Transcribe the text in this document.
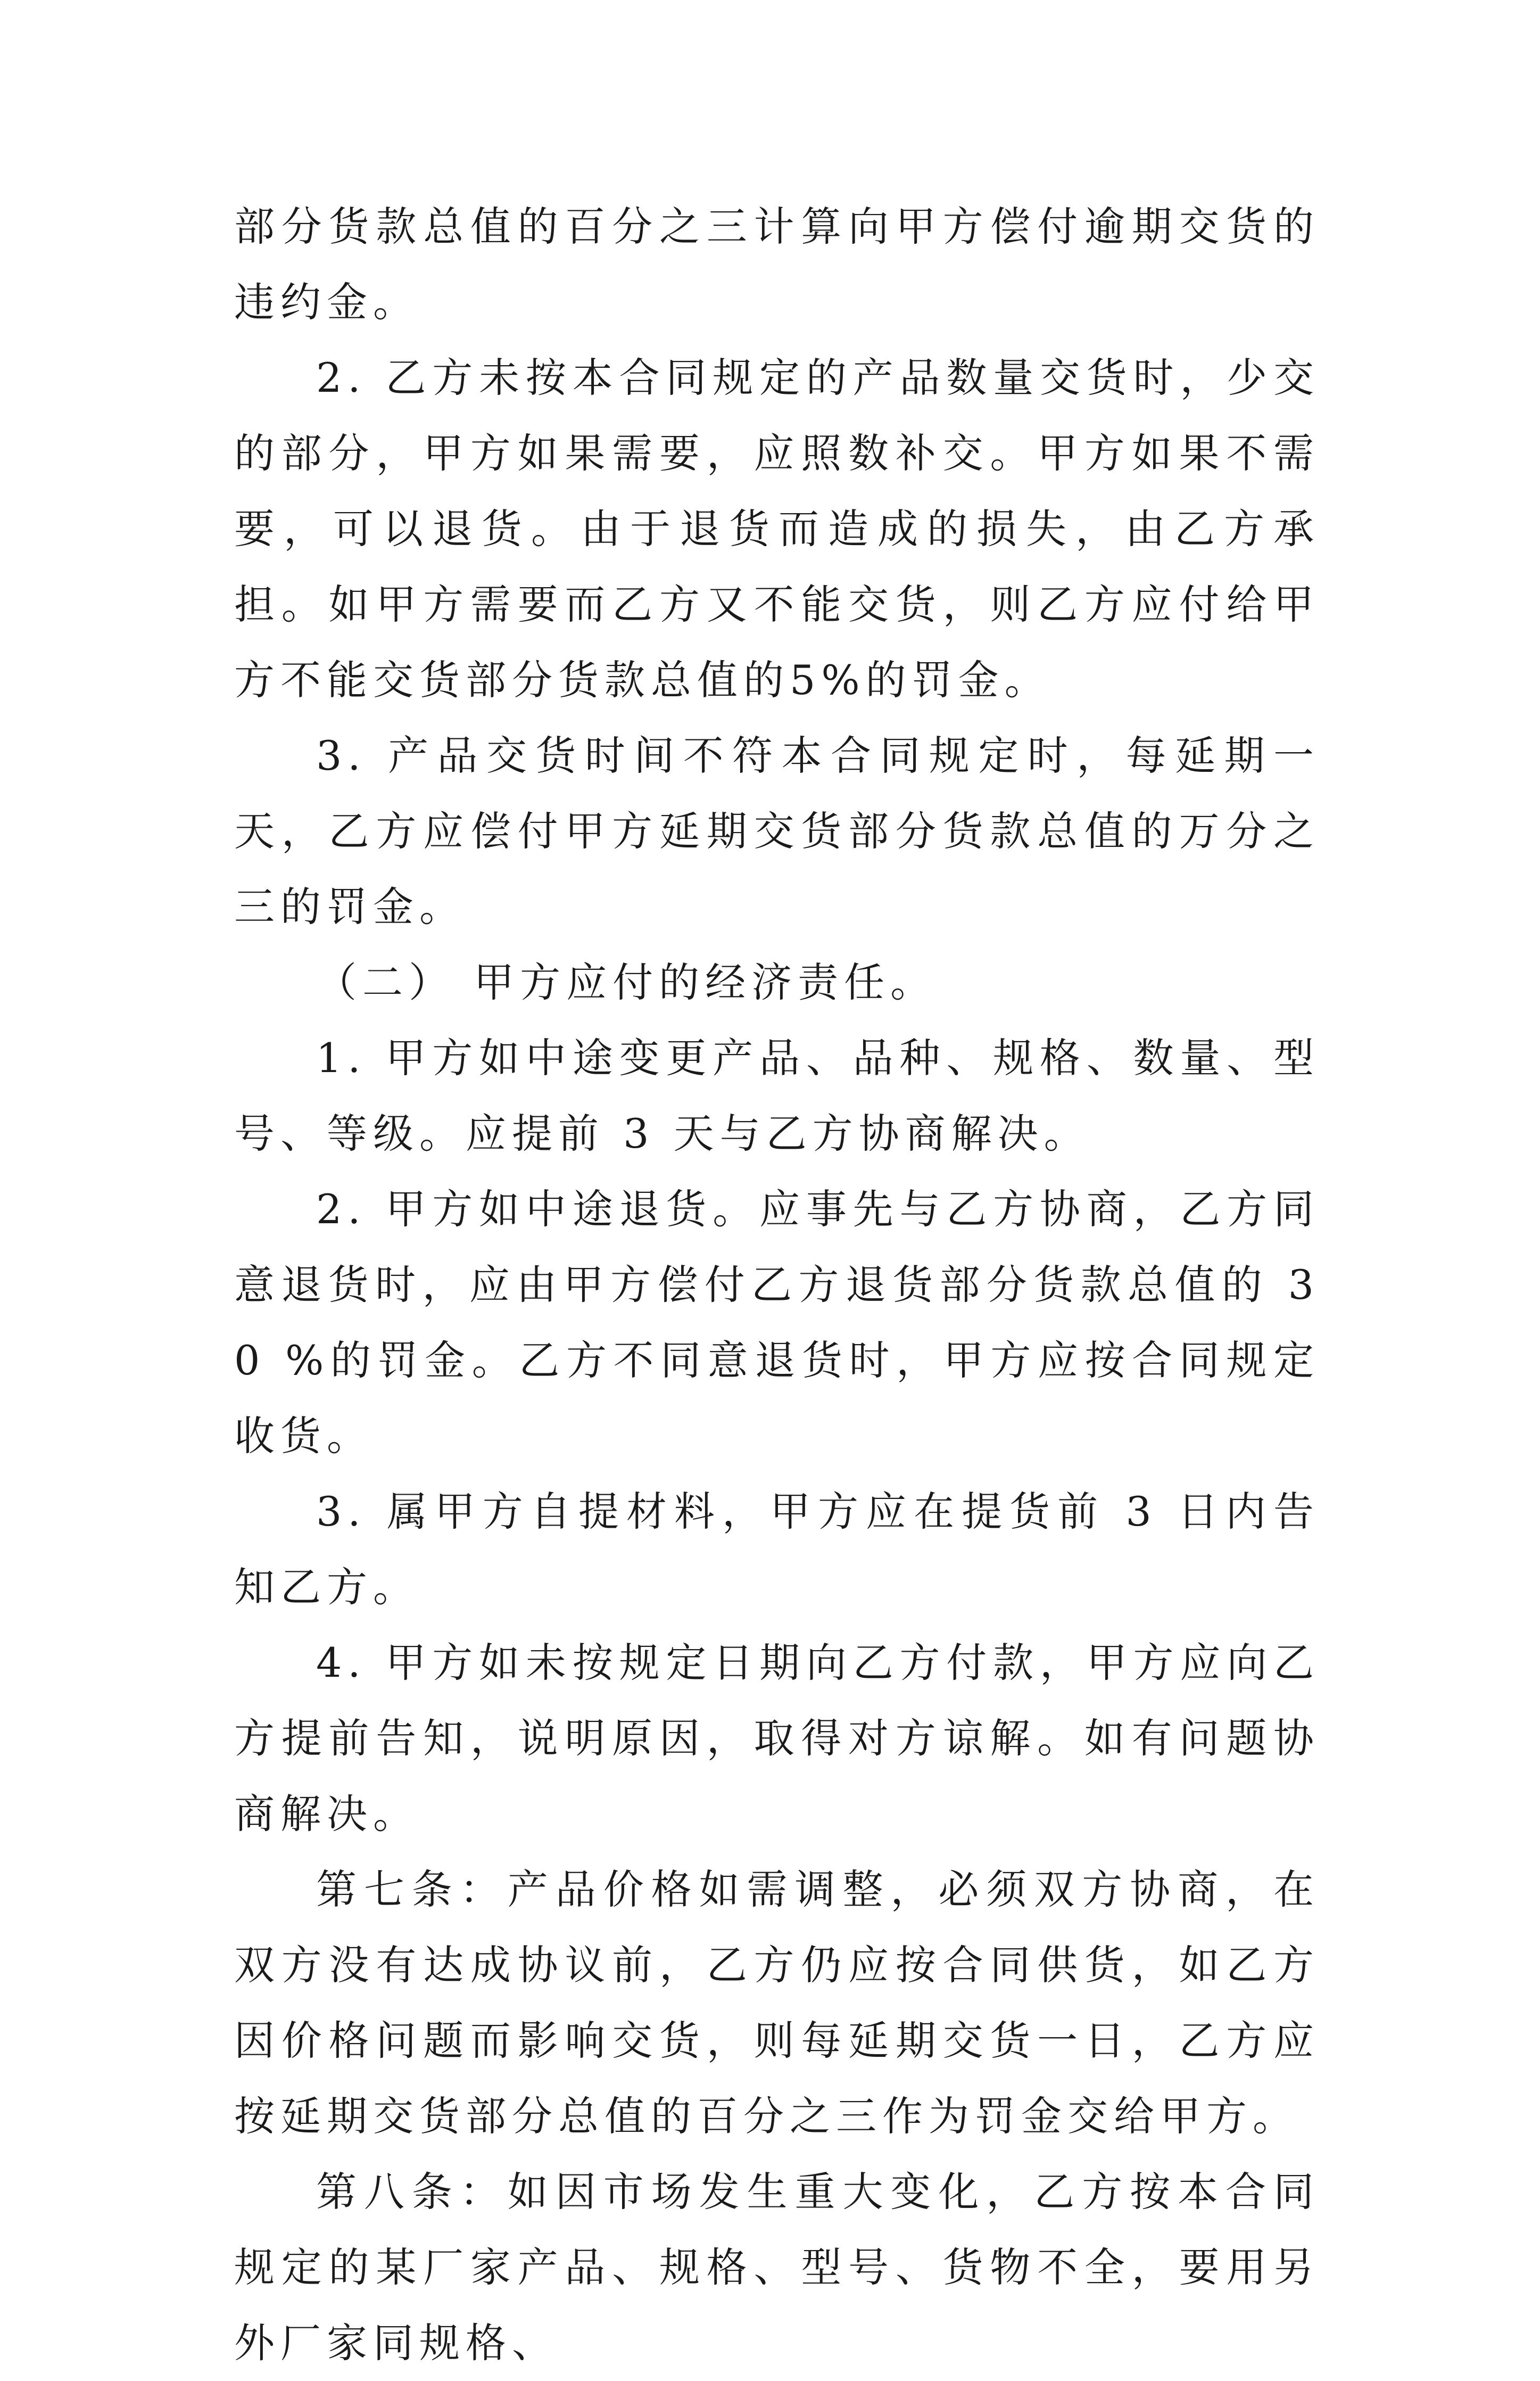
部分货款总值的百分之三计算向甲方偿付逾期交货的违约金。

2. 乙方未按本合同规定的产品数量交货时，少交的部分，甲方如果需要，应照数补交。甲方如果不需要，可以退货。由于退货而造成的损失，由乙方承担。如甲方需要而乙方又不能交货，则乙方应付给甲方不能交货部分货款总值的5%的罚金。

3. 产品交货时间不符本合同规定时，每延期一天，乙方应偿付甲方延期交货部分货款总值的万分之三的罚金。

（二） 甲方应付的经济责任。

1. 甲方如中途变更产品、品种、规格、数量、型号、等级。应提前 3 天与乙方协商解决。

2. 甲方如中途退货。应事先与乙方协商，乙方同意退货时，应由甲方偿付乙方退货部分货款总值的 30 %的罚金。乙方不同意退货时，甲方应按合同规定收货。

3. 属甲方自提材料，甲方应在提货前 3 日内告知乙方。

4. 甲方如未按规定日期向乙方付款，甲方应向乙方提前告知，说明原因，取得对方谅解。如有问题协商解决。

第七条：产品价格如需调整，必须双方协商，在双方没有达成协议前，乙方仍应按合同供货，如乙方因价格问题而影响交货，则每延期交货一日，乙方应按延期交货部分总值的百分之三作为罚金交给甲方。

第八条：如因市场发生重大变化，乙方按本合同规定的某厂家产品、规格、型号、货物不全，要用另外厂家同规格、
